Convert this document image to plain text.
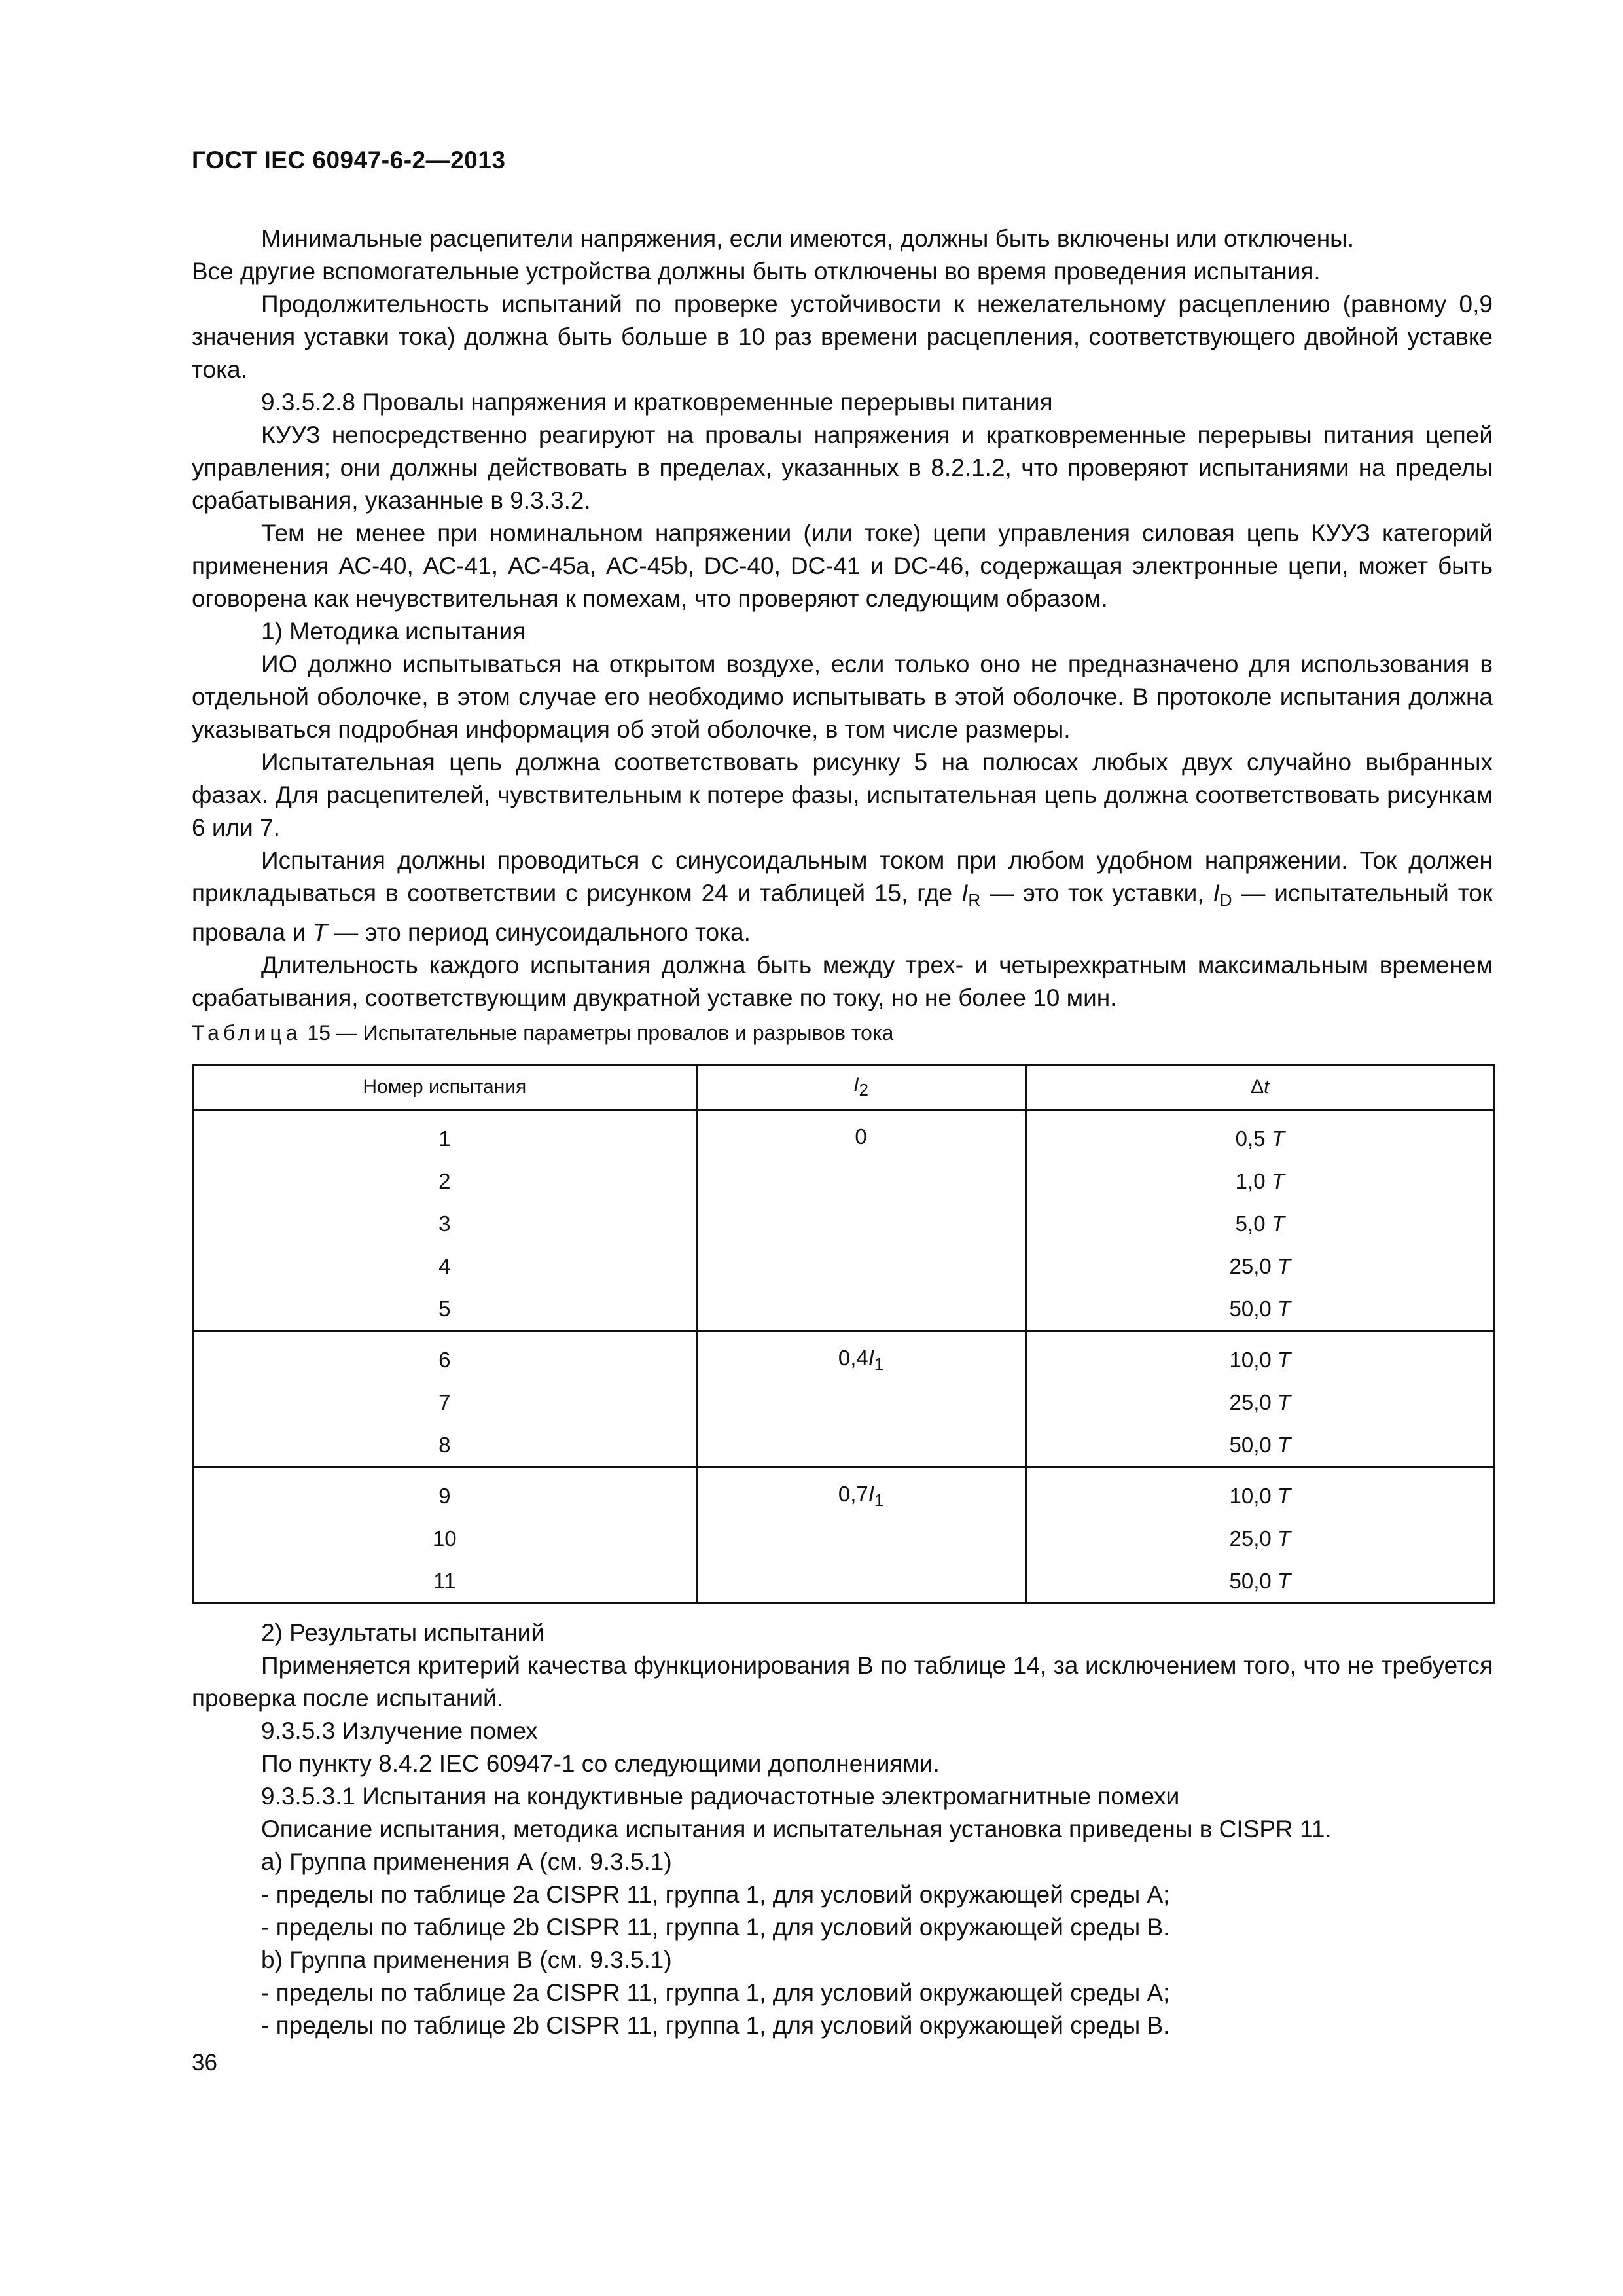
ГОСТ IEC 60947-6-2—2013

Минимальные расцепители напряжения, если имеются, должны быть включены или отключены.

Все другие вспомогательные устройства должны быть отключены во время проведения испытания.

Продолжительность испытаний по проверке устойчивости к нежелательному расцеплению (равному 0,9 значения уставки тока) должна быть больше в 10 раз времени расцепления, соответствующего двойной уставке тока.

9.3.5.2.8 Провалы напряжения и кратковременные перерывы питания

КУУЗ непосредственно реагируют на провалы напряжения и кратковременные перерывы питания цепей управления; они должны действовать в пределах, указанных в 8.2.1.2, что проверяют испытаниями на пределы срабатывания, указанные в 9.3.3.2.

Тем не менее при номинальном напряжении (или токе) цепи управления силовая цепь КУУЗ категорий применения АС-40, АС-41, АС-45а, АС-45b, DC-40, DC-41 и DC-46, содержащая электронные цепи, может быть оговорена как нечувствительная к помехам, что проверяют следующим образом.

1) Методика испытания

ИО должно испытываться на открытом воздухе, если только оно не предназначено для использования в отдельной оболочке, в этом случае его необходимо испытывать в этой оболочке. В протоколе испытания должна указываться подробная информация об этой оболочке, в том числе размеры.

Испытательная цепь должна соответствовать рисунку 5 на полюсах любых двух случайно выбранных фазах. Для расцепителей, чувствительным к потере фазы, испытательная цепь должна соответствовать рисункам 6 или 7.

Испытания должны проводиться с синусоидальным током при любом удобном напряжении. Ток должен прикладываться в соответствии с рисунком 24 и таблицей 15, где $I_R$ — это ток уставки, $I_D$ — испытательный ток провала и T — это период синусоидального тока.

Длительность каждого испытания должна быть между трех- и четырехкратным максимальным временем срабатывания, соответствующим двукратной уставке по току, но не более 10 мин.

Таблица 15 — Испытательные параметры провалов и разрывов тока
Номер испытания	I2	Δt
1	0	0,5 T
2		1,0 T
3		5,0 T
4		25,0 T
5		50,0 T
6	$0,4I_1$	10,0 T
7		25,0 T
8		50,0 T
9	$0,7I_1$	10,0 T
10		25,0 T
11		50,0 T

2) Результаты испытаний

Применяется критерий качества функционирования B по таблице 14, за исключением того, что не требуется проверка после испытаний.

9.3.5.3 Излучение помех

По пункту 8.4.2 IEC 60947-1 со следующими дополнениями.

9.3.5.3.1 Испытания на кондуктивные радиочастотные электромагнитные помехи

Описание испытания, методика испытания и испытательная установка приведены в CISPR 11.

a) Группа применения А (см. 9.3.5.1)

- пределы по таблице 2а CISPR 11, группа 1, для условий окружающей среды А;

- пределы по таблице 2b CISPR 11, группа 1, для условий окружающей среды В.

b) Группа применения В (см. 9.3.5.1)

- пределы по таблице 2а CISPR 11, группа 1, для условий окружающей среды А;

- пределы по таблице 2b CISPR 11, группа 1, для условий окружающей среды В.

36
